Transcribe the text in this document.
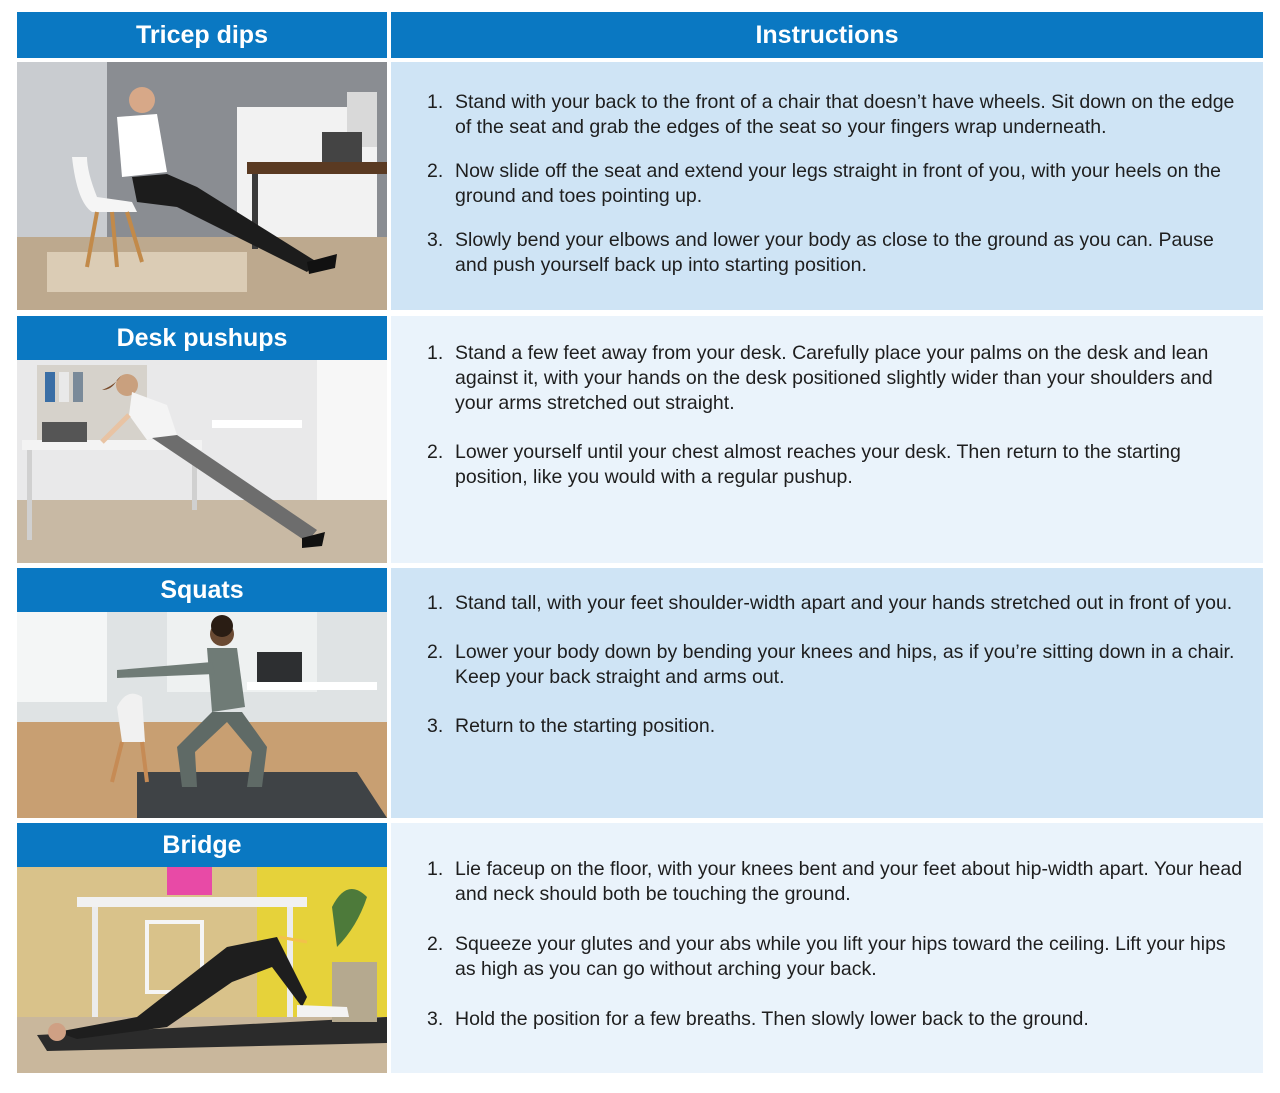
Tricep dips	Instructions
1. Stand with your back to the front of a chair that doesn’t have wheels. Sit down on the edge of the seat and grab the edges of the seat so your fingers wrap underneath.
2. Now slide off the seat and extend your legs straight in front of you, with your heels on the ground and toes pointing up.
3. Slowly bend your elbows and lower your body as close to the ground as you can. Pause and push yourself back up into starting position.
Desk pushups
1. Stand a few feet away from your desk. Carefully place your palms on the desk and lean against it, with your hands on the desk positioned slightly wider than your shoulders and your arms stretched out straight.
2. Lower yourself until your chest almost reaches your desk. Then return to the starting position, like you would with a regular pushup.
Squats	1. Stand tall, with your feet shoulder-width apart and your hands stretched out in front of you.
2. Lower your body down by bending your knees and hips, as if you’re sitting down in a chair. Keep your back straight and arms out.
3. Return to the starting position.
Bridge
1. Lie faceup on the floor, with your knees bent and your feet about hip-width apart. Your head and neck should both be touching the ground.
2. Squeeze your glutes and your abs while you lift your hips toward the ceiling. Lift your hips as high as you can go without arching your back.
3. Hold the position for a few breaths. Then slowly lower back to the ground.
